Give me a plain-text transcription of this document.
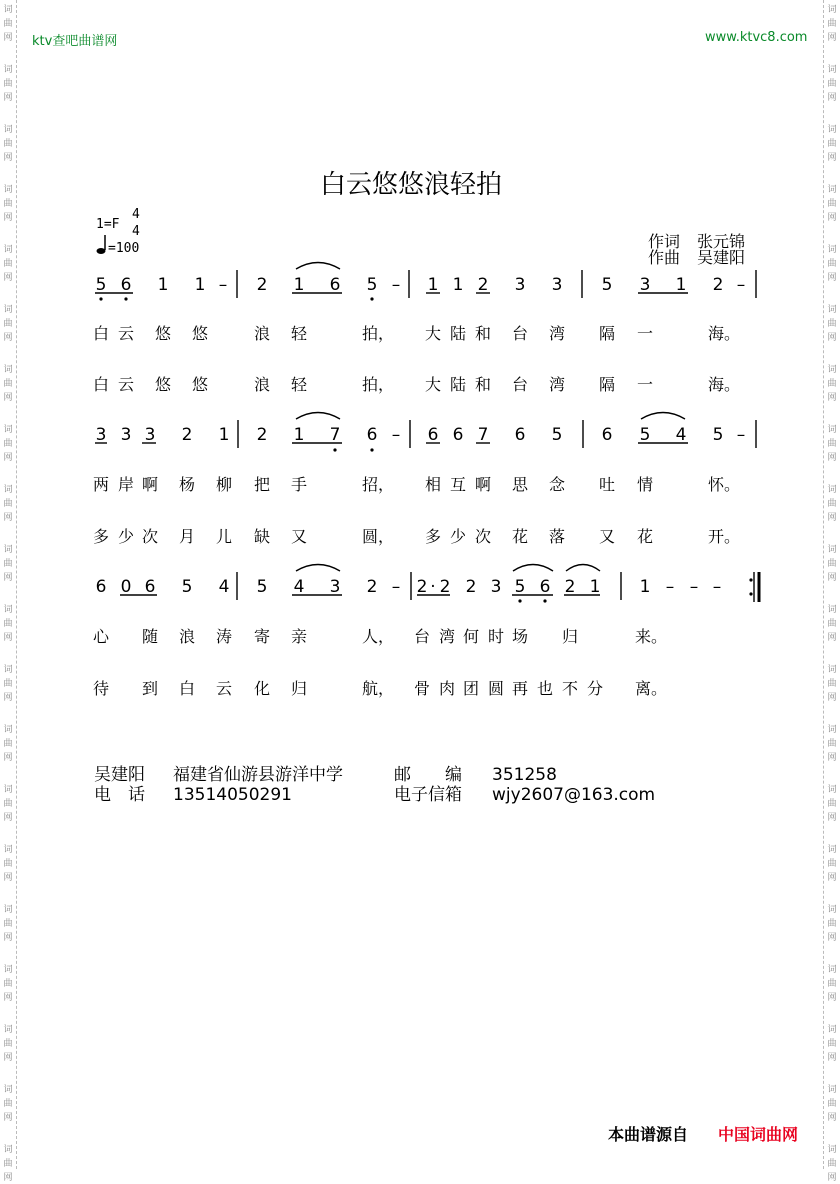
词
曲
网
词
曲
网
词
曲
网
词
曲
网
词
曲
网
词
曲
网
词
曲
网
词
曲
网
词
曲
网
词
曲
网
词
曲
网
词
曲
网
词
曲
网
词
曲
网
词
曲
网
词
曲
网
词
曲
网
词
曲
网
词
曲
网
词
曲
网
词
曲
网
词
曲
网
词
曲
网
词
曲
网
词
曲
网
词
曲
网
词
曲
网
词
曲
网
词
曲
网
词
曲
网
词
曲
网
词
曲
网
词
曲
网
词
曲
网
词
曲
网
词
曲
网
词
曲
网
词
曲
网
词
曲
网
词
曲
网
ktv查吧曲谱网	www.ktvc8.com
白云悠悠浪轻拍
1=F
4
4
=100	作词 张元锦
作曲 吴建阳
5 6 1 1 – 2 1 6 5 – 1 1 2 3 3 5 3 1 2 –
白 云 悠 悠	浪 轻	拍， 大 陆 和 台 湾 隔 一	海。
白 云 悠 悠	浪 轻	拍， 大 陆 和 台 湾 隔 一	海。
3 3 3 2 1 2 1 7 6 – 6 6 7 6 5 6 5 4 5 –
两 岸 啊 杨 柳 把 手	招， 相 互 啊 思 念 吐 情	怀。
多 少 次 月 儿 缺 又	圆， 多 少 次 花 落 又 花	开。
6 0 6 5 4 5 4 3 2 – 2 · 2 2 3 5 6 2 1 1 – – –
心 随 浪 涛 寄 亲	人， 台 湾 何 时 场 归	来。
待 到 白 云 化 归	航， 骨 肉 团 圆 再 也 不 分 离。
吴建阳 福建省仙游县游洋中学	邮　　编 351258
电　话 13514050291	电子信箱 wjy2607@163.com
本曲谱源自 中国词曲网
